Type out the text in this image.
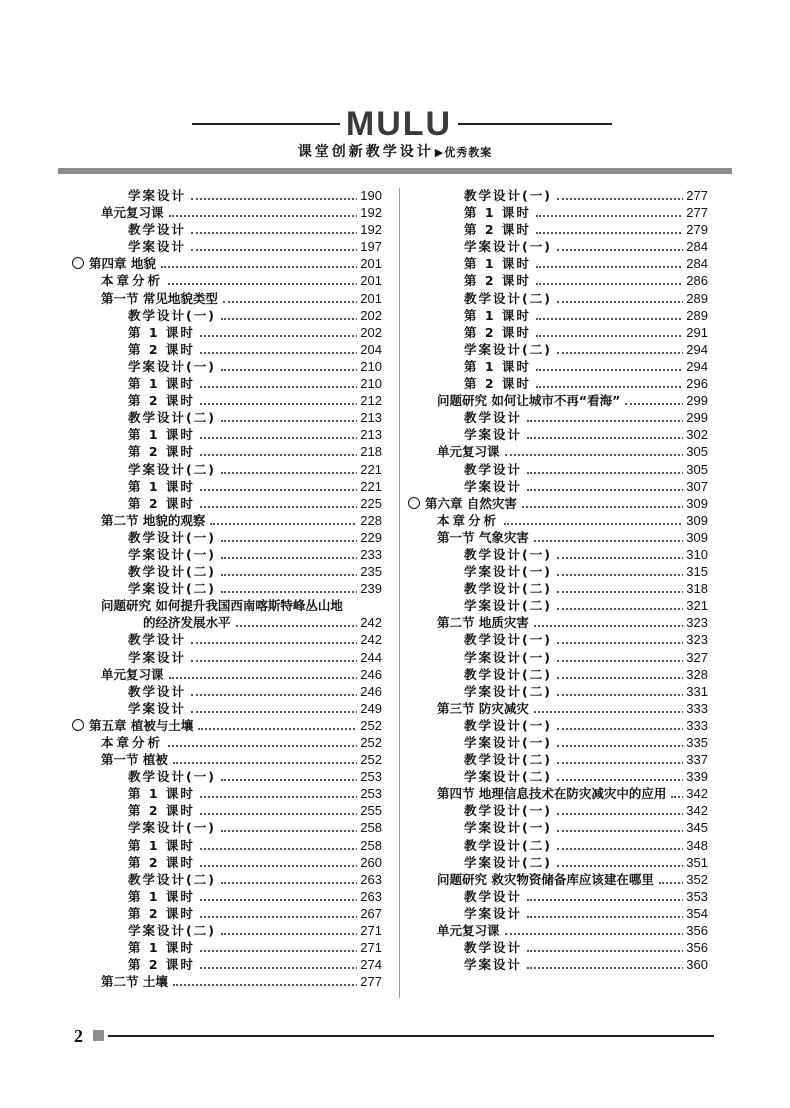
MULU
课堂创新教学设计▶优秀教案
学案设计	190
单元复习课	192
教学设计	192
学案设计	197
第四章 地貌	201
本章分析	201
第一节 常见地貌类型	201
教学设计(一)	202
第 1 课时	202
第 2 课时	204
学案设计(一)	210
第 1 课时	210
第 2 课时	212
教学设计(二)	213
第 1 课时	213
第 2 课时	218
学案设计(二)	221
第 1 课时	221
第 2 课时	225
第二节 地貌的观察	228
教学设计(一)	229
学案设计(一)	233
教学设计(二)	235
学案设计(二)	239
问题研究 如何提升我国西南喀斯特峰丛山地
的经济发展水平	242
教学设计	242
学案设计	244
单元复习课	246
教学设计	246
学案设计	249
第五章 植被与土壤	252
本章分析	252
第一节 植被	252
教学设计(一)	253
第 1 课时	253
第 2 课时	255
学案设计(一)	258
第 1 课时	258
第 2 课时	260
教学设计(二)	263
第 1 课时	263
第 2 课时	267
学案设计(二)	271
第 1 课时	271
第 2 课时	274
第二节 土壤	277
教学设计(一)	277
第 1 课时	277
第 2 课时	279
学案设计(一)	284
第 1 课时	284
第 2 课时	286
教学设计(二)	289
第 1 课时	289
第 2 课时	291
学案设计(二)	294
第 1 课时	294
第 2 课时	296
问题研究 如何让城市不再“看海”	299
教学设计	299
学案设计	302
单元复习课	305
教学设计	305
学案设计	307
第六章 自然灾害	309
本章分析	309
第一节 气象灾害	309
教学设计(一)	310
学案设计(一)	315
教学设计(二)	318
学案设计(二)	321
第二节 地质灾害	323
教学设计(一)	323
学案设计(一)	327
教学设计(二)	328
学案设计(二)	331
第三节 防灾减灾	333
教学设计(一)	333
学案设计(一)	335
教学设计(二)	337
学案设计(二)	339
第四节 地理信息技术在防灾减灾中的应用 342
教学设计(一)	342
学案设计(一)	345
教学设计(二)	348
学案设计(二)	351
问题研究 救灾物资储备库应该建在哪里 352
教学设计	353
学案设计	354
单元复习课	356
教学设计	356
学案设计	360
2
